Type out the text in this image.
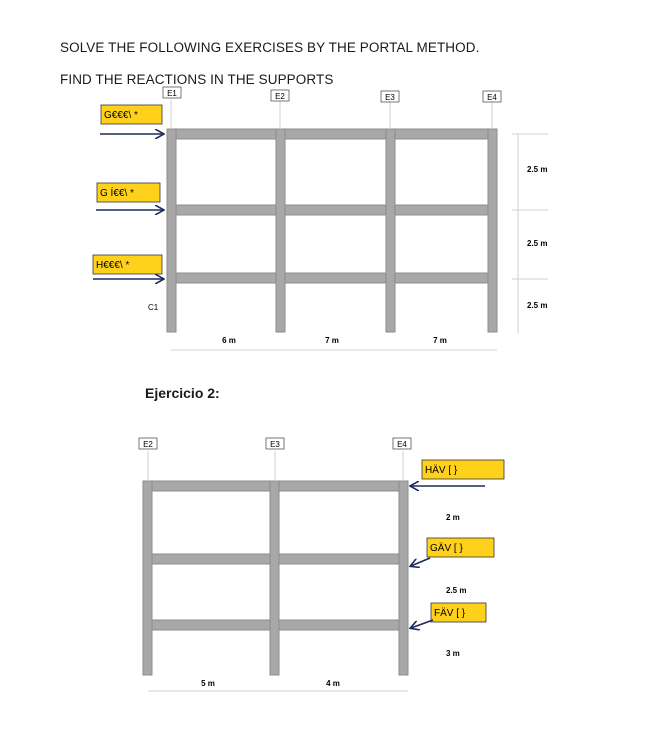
SOLVE THE FOLLOWING EXERCISES BY THE PORTAL METHOD.
FIND THE REACTIONS IN THE SUPPORTS
E1	E2	E3	E4
G€€€\ *
G Í€€\ *
H€€€\ *
C1
6 m	7 m	7 m
2.5 m
2.5 m
2.5 m
E2	E3	E4
HÄV [ }
GÄV [ }
FÄV [ }
2 m
2.5 m
3 m
5 m	4 m
Ejercicio 2:
